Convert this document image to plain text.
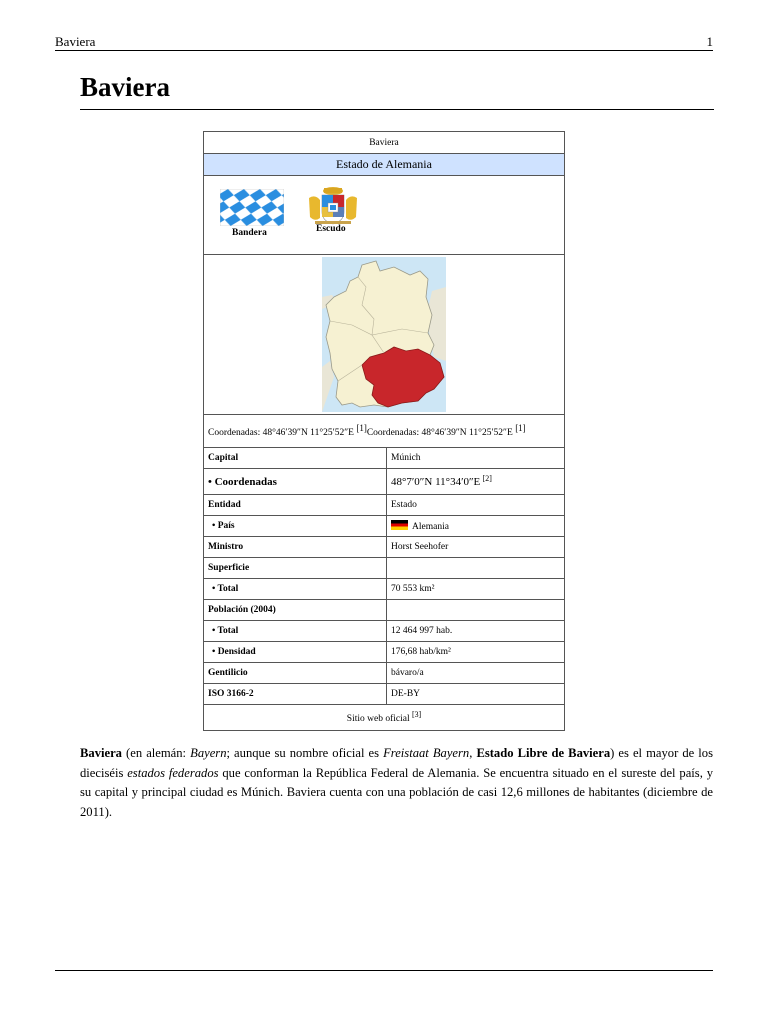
Baviera	1
Baviera
Baviera	
Estado de Alemania	

Bandera Escudo	

Coordenadas: 48°46′39″N 11°25′52″E [1]Coordenadas: 48°46′39″N 11°25′52″E [1]
Capital	Múnich
• Coordenadas	48°7′0″N 11°34′0″E [2]
Entidad	Estado
• País	Alemania
Ministro	Horst Seehofer
Superficie	
• Total	70 553 km²
Población (2004)	
• Total	12 464 997 hab.
• Densidad	176,68 hab/km²
Gentilicio	bávaro/a
ISO 3166-2	DE-BY
Sitio web oficial [3]

Baviera (en alemán: Bayern; aunque su nombre oficial es Freistaat Bayern, Estado Libre de Baviera) es el mayor de los dieciséis estados federados que conforman la República Federal de Alemania. Se encuentra situado en el sureste del país, y su capital y principal ciudad es Múnich. Baviera cuenta con una población de casi 12,6 millones de habitantes (diciembre de 2011).
